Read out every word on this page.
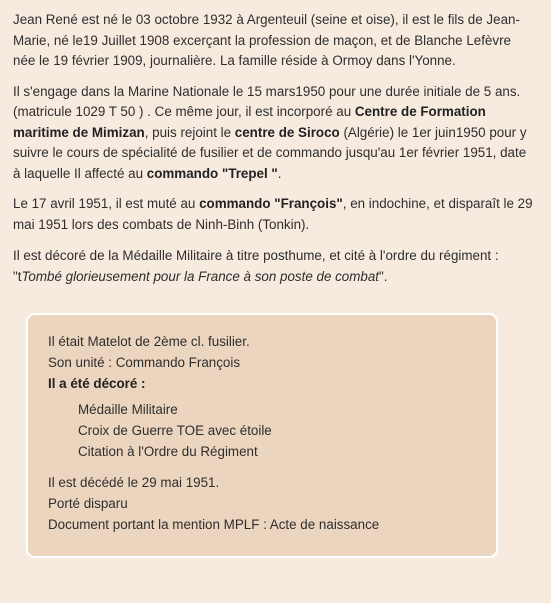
Jean René est né le 03 octobre 1932 à Argenteuil (seine et oise), il est le fils de Jean-Marie, né le19 Juillet 1908 excerçant la profession de maçon, et de Blanche Lefèvre née le 19 février 1909, journalière. La famille réside à Ormoy dans l'Yonne.

Il s'engage dans la Marine Nationale le 15 mars1950 pour une durée initiale de 5 ans.(matricule 1029 T 50 ) . Ce même jour, il est incorporé au Centre de Formation maritime de Mimizan, puis rejoint le centre de Siroco (Algérie) le 1er juin1950 pour y suivre le cours de spécialité de fusilier et de commando jusqu'au 1er février 1951, date à laquelle Il affecté au commando "Trepel ".

Le 17 avril 1951, il est muté au commando "François", en indochine, et disparaît le 29 mai 1951 lors des combats de Ninh-Binh (Tonkin).

Il est décoré de la Médaille Militaire à titre posthume, et cité à l'ordre du régiment : "tTombé glorieusement pour la France à son poste de combat".

Il était Matelot de 2ème cl. fusilier.
Son unité : Commando François
Il a été décoré :
Médaille Militaire
Croix de Guerre TOE avec étoile
Citation à l'Ordre du Régiment
Il est décédé le 29 mai 1951.
Porté disparu
Document portant la mention MPLF : Acte de naissance
